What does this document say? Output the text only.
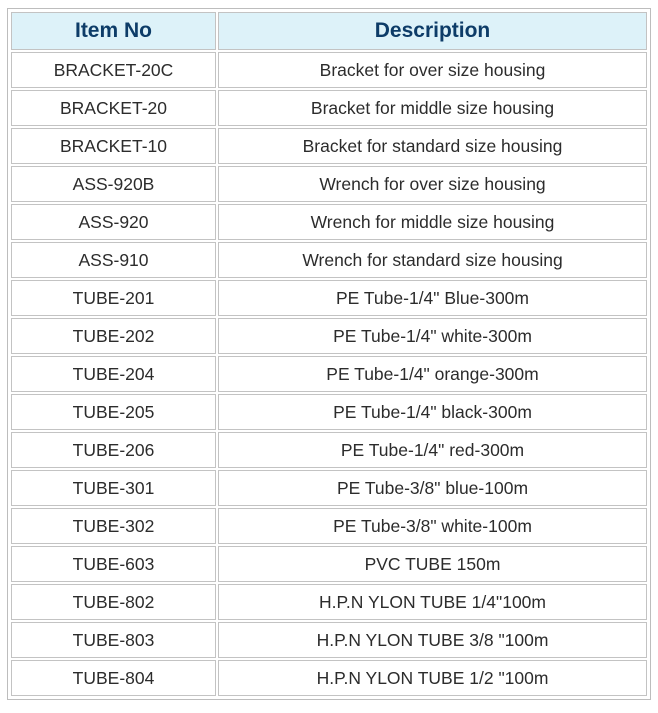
Item No	Description
BRACKET-20C	Bracket for over size housing
BRACKET-20	Bracket for middle size housing
BRACKET-10	Bracket for standard size housing
ASS-920B	Wrench for over size housing
ASS-920	Wrench for middle size housing
ASS-910	Wrench for standard size housing
TUBE-201	PE Tube-1/4" Blue-300m
TUBE-202	PE Tube-1/4" white-300m
TUBE-204	PE Tube-1/4" orange-300m
TUBE-205	PE Tube-1/4" black-300m
TUBE-206	PE Tube-1/4" red-300m
TUBE-301	PE Tube-3/8" blue-100m
TUBE-302	PE Tube-3/8" white-100m
TUBE-603	PVC TUBE 150m
TUBE-802	H.P.N YLON TUBE 1/4"100m
TUBE-803	H.P.N YLON TUBE 3/8 "100m
TUBE-804	H.P.N YLON TUBE 1/2 "100m
